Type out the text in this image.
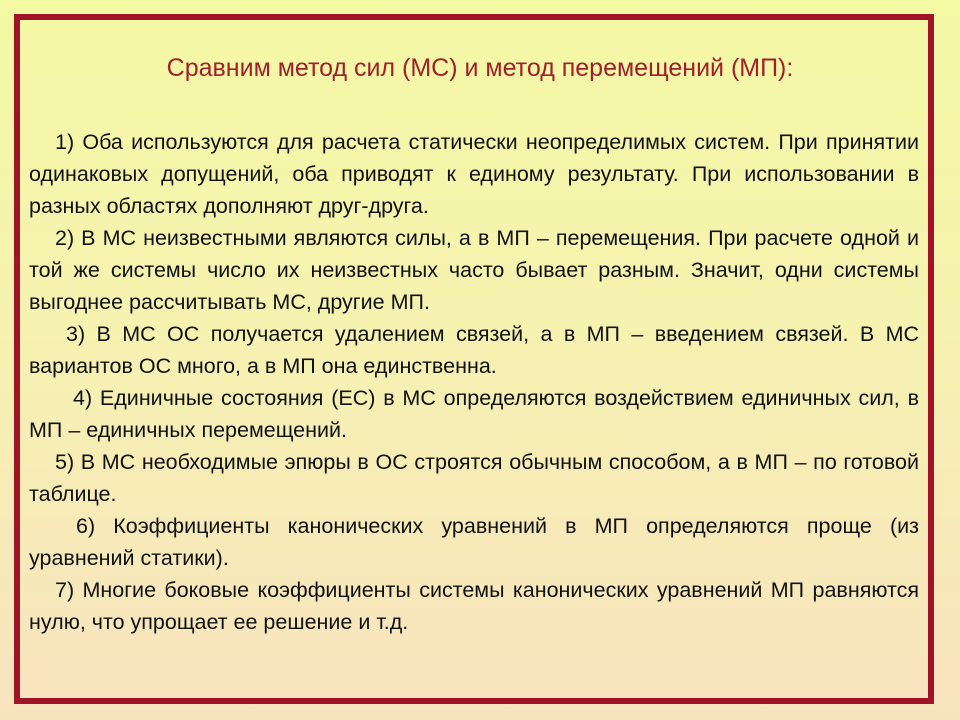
Сравним метод сил (МС) и метод перемещений (МП):

1) Оба используются для расчета статически неопределимых систем. При принятии одинаковых допущений, оба приводят к единому результату. При использовании в разных областях дополняют друг-друга.

2) В МС неизвестными являются силы, а в МП – перемещения. При расчете одной и той же системы число их неизвестных часто бывает разным. Значит, одни системы выгоднее рассчитывать МС, другие МП.

3) В МС ОС получается удалением связей, а в МП – введением связей. В МС вариантов ОС много, а в МП она единственна.

4) Единичные состояния (ЕС) в МС определяются воздействием единичных сил, в МП – единичных перемещений.

5) В МС необходимые эпюры в ОС строятся обычным способом, а в МП – по готовой таблице.

6) Коэффициенты канонических уравнений в МП определяются проще (из уравнений статики).

7) Многие боковые коэффициенты системы канонических уравнений МП равняются нулю, что упрощает ее решение и т.д.
